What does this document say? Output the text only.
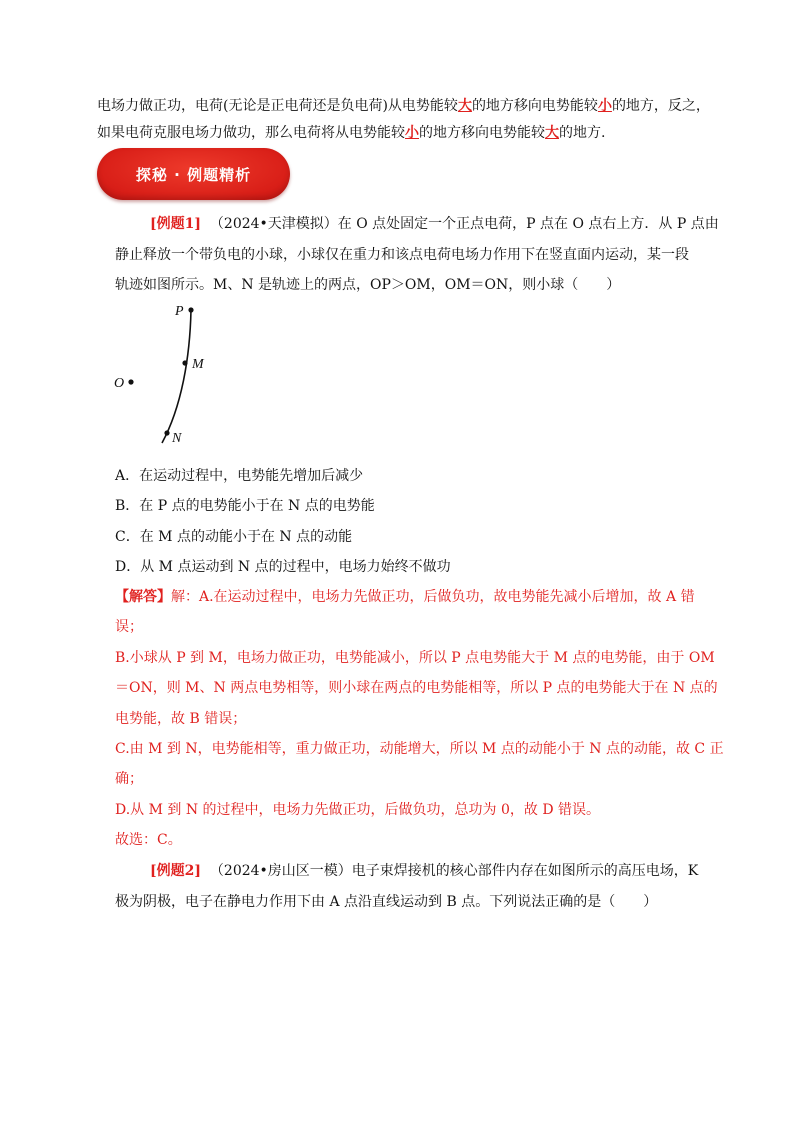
电场力做正功，电荷(无论是正电荷还是负电荷)从电势能较大的地方移向电势能较小的地方，反之，
如果电荷克服电场力做功，那么电荷将从电势能较小的地方移向电势能较大的地方.
探秘 · 例题精析
[例题1] （2024•天津模拟）在 O 点处固定一个正点电荷，P 点在 O 点右上方．从 P 点由
静止释放一个带负电的小球，小球仅在重力和该点电荷电场力作用下在竖直面内运动，某一段
轨迹如图所示。M、N 是轨迹上的两点，OP＞OM，OM＝ON，则小球（　　）
P
M
O
N
A．在运动过程中，电势能先增加后减少
B．在 P 点的电势能小于在 N 点的电势能
C．在 M 点的动能小于在 N 点的动能
D．从 M 点运动到 N 点的过程中，电场力始终不做功
【解答】解：A.在运动过程中，电场力先做正功，后做负功，故电势能先减小后增加，故 A 错
误；
B.小球从 P 到 M，电场力做正功，电势能减小，所以 P 点电势能大于 M 点的电势能，由于 OM
＝ON，则 M、N 两点电势相等，则小球在两点的电势能相等，所以 P 点的电势能大于在 N 点的
电势能，故 B 错误；
C.由 M 到 N，电势能相等，重力做正功，动能增大，所以 M 点的动能小于 N 点的动能，故 C 正
确；
D.从 M 到 N 的过程中，电场力先做正功，后做负功，总功为 0，故 D 错误。
故选：C。
[例题2] （2024•房山区一模）电子束焊接机的核心部件内存在如图所示的高压电场，K
极为阴极，电子在静电力作用下由 A 点沿直线运动到 B 点。下列说法正确的是（　　）
